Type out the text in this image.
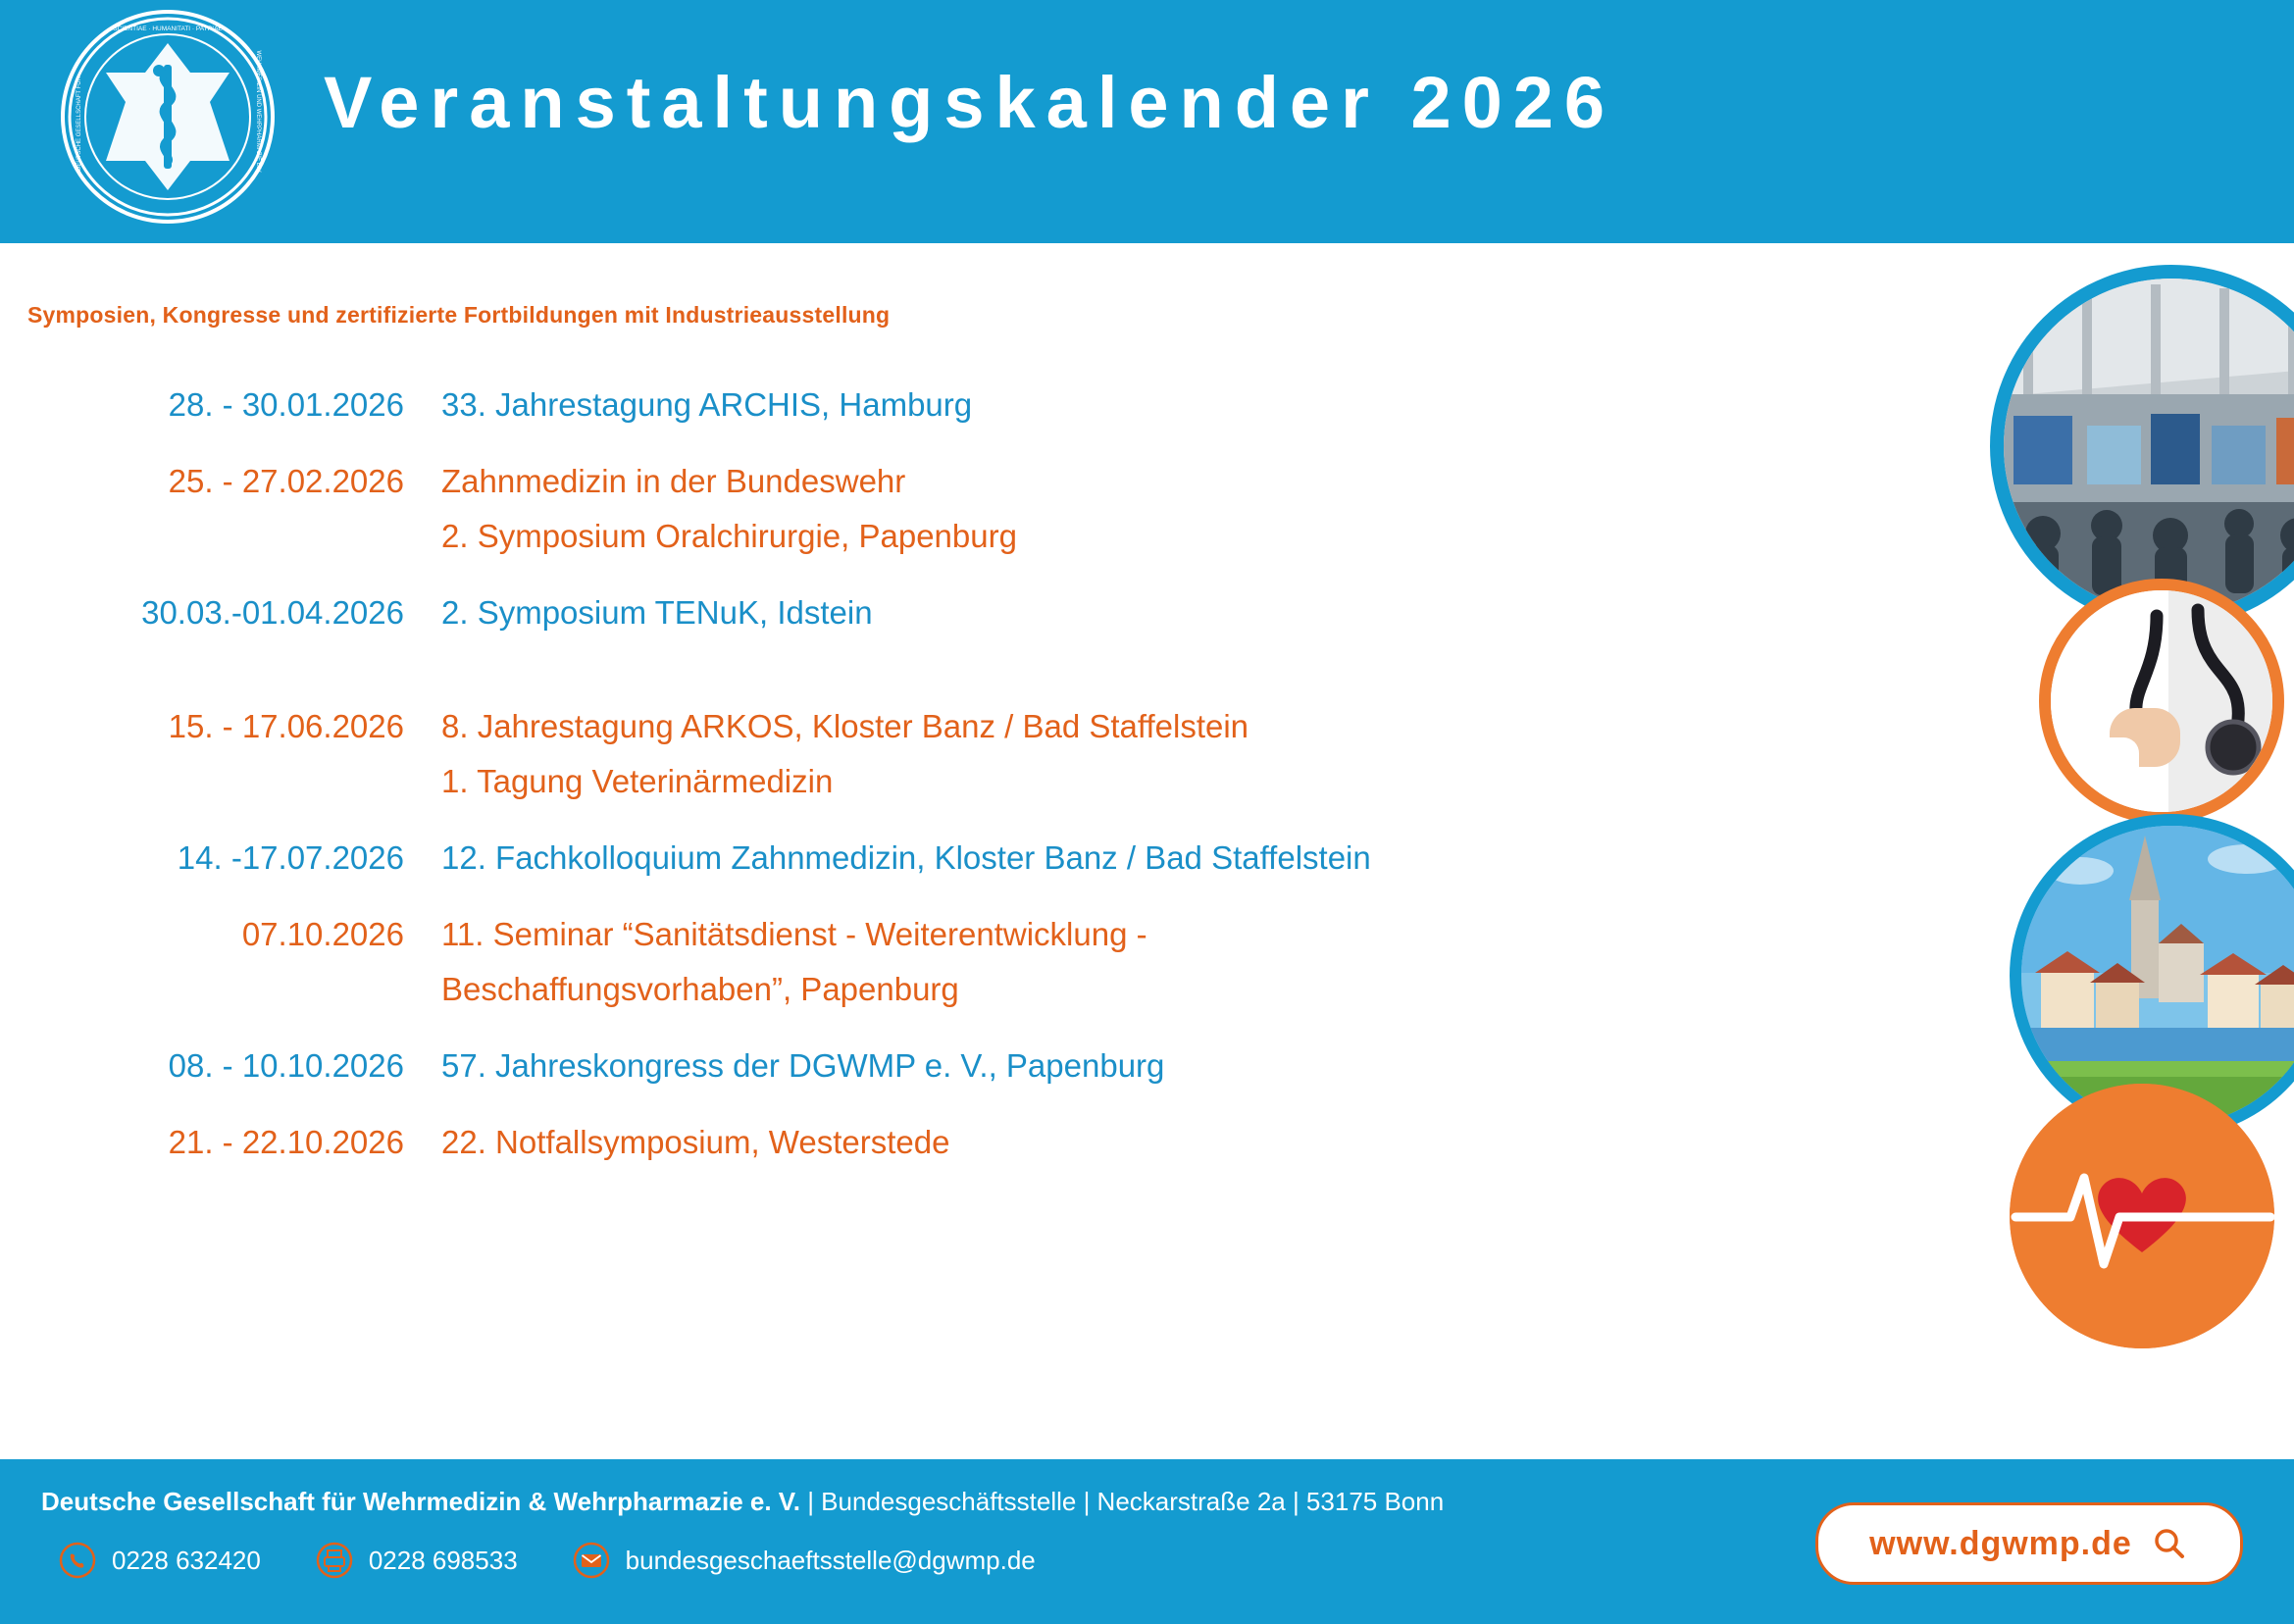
SCIENTIAE · HUMANITATI · PATRIAE
DEUTSCHE GESELLSCHAFT FÜR	WEHRMEDIZIN UND WEHRPHARMAZIE E.V. Veranstaltungskalender 2026
Symposien, Kongresse und zertifizierte Fortbildungen mit Industrieausstellung
28. - 30.01.2026	33. Jahrestagung ARCHIS, Hamburg
25. - 27.02.2026	Zahnmedizin in der Bundeswehr
2. Symposium Oralchirurgie, Papenburg
30.03.-01.04.2026	2. Symposium TENuK, Idstein
15. - 17.06.2026	8. Jahrestagung ARKOS, Kloster Banz / Bad Staffelstein
1. Tagung Veterinärmedizin
14. -17.07.2026	12. Fachkolloquium Zahnmedizin, Kloster Banz / Bad Staffelstein
07.10.2026	11. Seminar “Sanitätsdienst - Weiterentwicklung -
Beschaffungsvorhaben”, Papenburg
08. - 10.10.2026	57. Jahreskongress der DGWMP e. V., Papenburg
21. - 22.10.2026	22. Notfallsymposium, Westerstede
Deutsche Gesellschaft für Wehrmedizin & Wehrpharmazie e. V. | Bundesgeschäftsstelle | Neckarstraße 2a | 53175 Bonn
0228 632420	0228 698533	bundesgeschaeftsstelle@dgwmp.de	www.dgwmp.de
